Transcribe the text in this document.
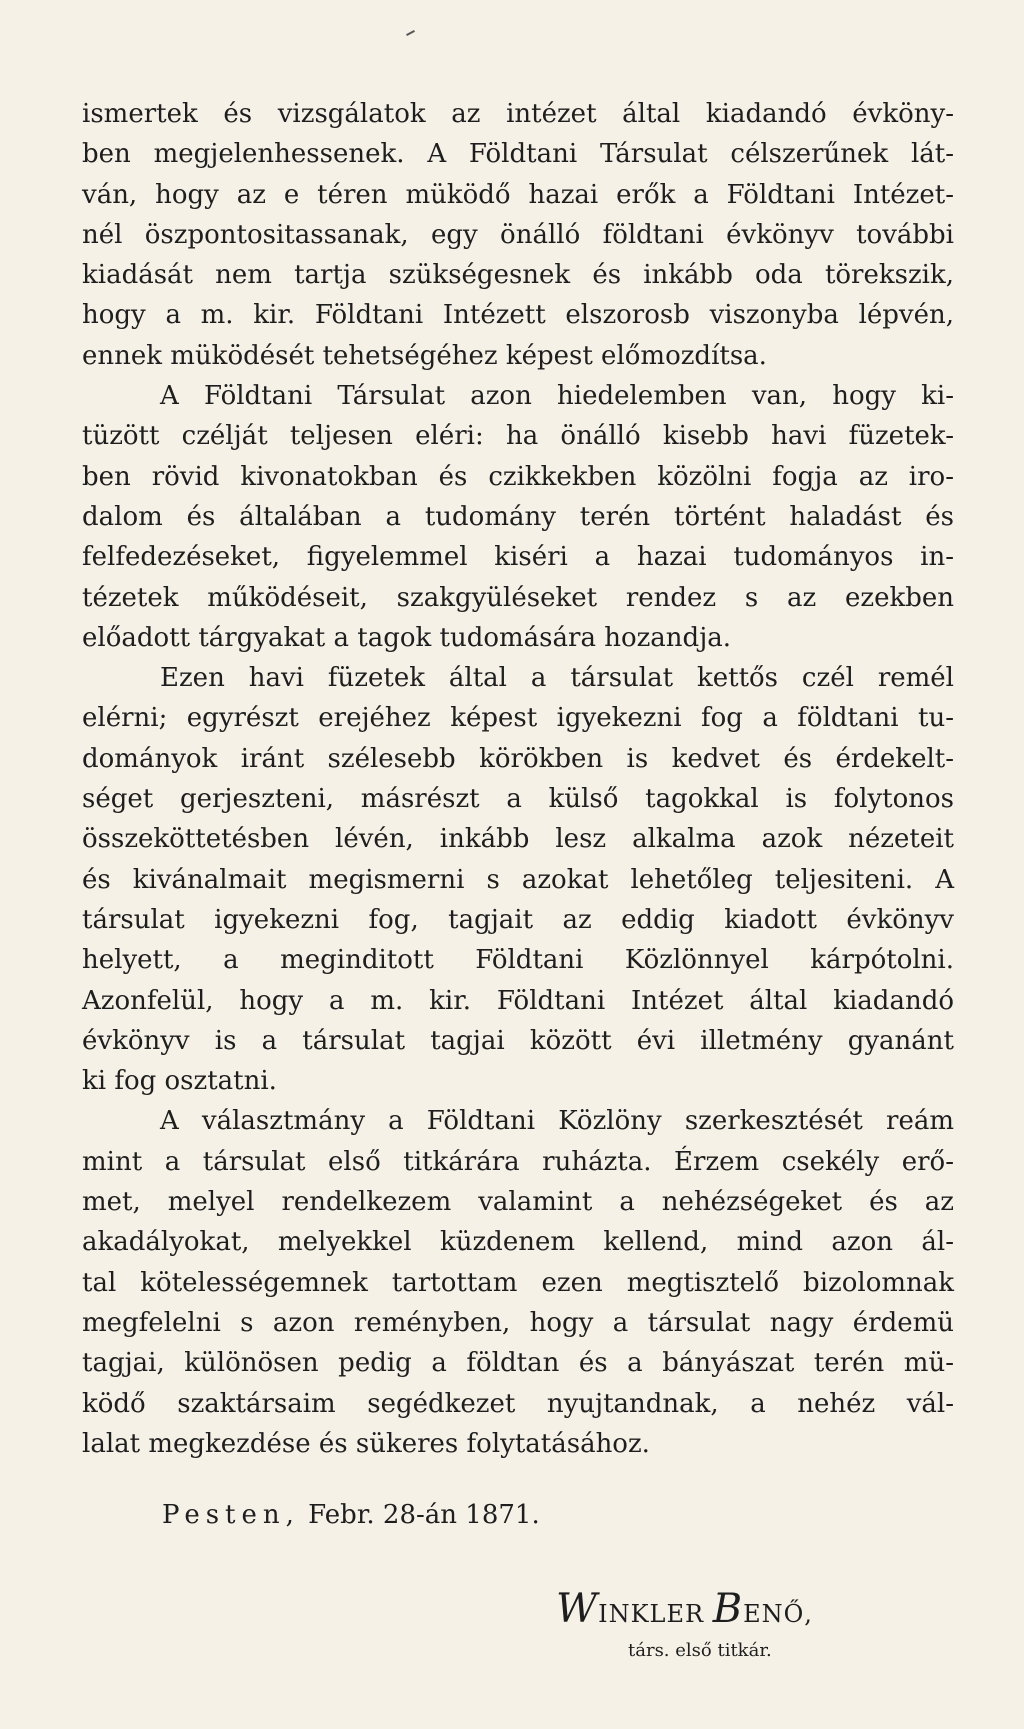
ismertek és vizsgálatok az intézet által kiadandó évköny-
ben megjelenhessenek. A Földtani Társulat célszerűnek lát-
ván, hogy az e téren müködő hazai erők a Földtani Intézet-
nél öszpontositassanak, egy önálló földtani évkönyv további
kiadását nem tartja szükségesnek és inkább oda törekszik,
hogy a m. kir. Földtani Intézett elszorosb viszonyba lépvén,
ennek müködését tehetségéhez képest előmozdítsa.
A Földtani Társulat azon hiedelemben van, hogy ki-
tüzött czélját teljesen eléri: ha önálló kisebb havi füzetek-
ben rövid kivonatokban és czikkekben közölni fogja az iro-
dalom és általában a tudomány terén történt haladást és
felfedezéseket, figyelemmel kiséri a hazai tudományos in-
tézetek működéseit, szakgyüléseket rendez s az ezekben
előadott tárgyakat a tagok tudomására hozandja.
Ezen havi füzetek által a társulat kettős czél remél
elérni; egyrészt erejéhez képest igyekezni fog a földtani tu-
dományok iránt szélesebb körökben is kedvet és érdekelt-
séget gerjeszteni, másrészt a külső tagokkal is folytonos
összeköttetésben lévén, inkább lesz alkalma azok nézeteit
és kivánalmait megismerni s azokat lehetőleg teljesiteni. A
társulat igyekezni fog, tagjait az eddig kiadott évkönyv
helyett, a meginditott Földtani Közlönnyel kárpótolni.
Azonfelül, hogy a m. kir. Földtani Intézet által kiadandó
évkönyv is a társulat tagjai között évi illetmény gyanánt
ki fog osztatni.
A választmány a Földtani Közlöny szerkesztését reám
mint a társulat első titkárára ruházta. Érzem csekély erő-
met, melyel rendelkezem valamint a nehézségeket és az
akadályokat, melyekkel küzdenem kellend, mind azon ál-
tal kötelességemnek tartottam ezen megtisztelő bizolomnak
megfelelni s azon reményben, hogy a társulat nagy érdemü
tagjai, különösen pedig a földtan és a bányászat terén mü-
ködő szaktársaim segédkezet nyujtandnak, a nehéz vál-
lalat megkezdése és sükeres folytatásához.
Pesten, Febr. 28-án 1871.
WINKLER BENŐ,
társ. első titkár.
